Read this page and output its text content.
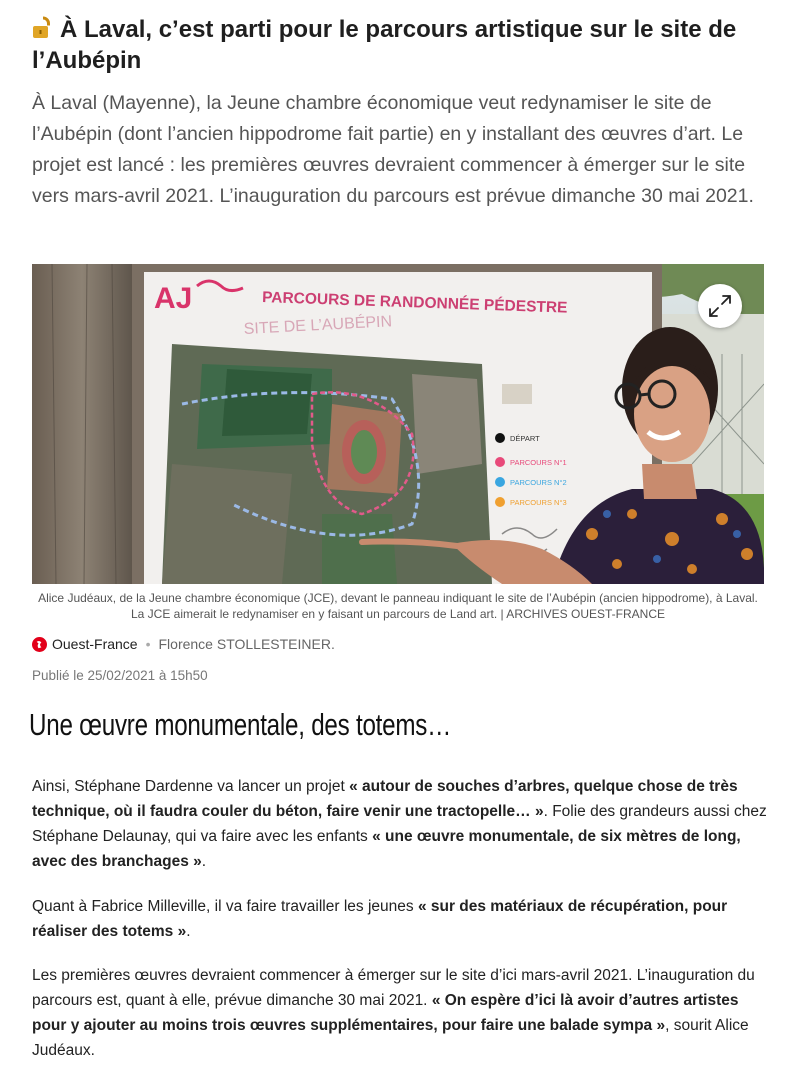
À Laval, c’est parti pour le parcours artistique sur le site de l’Aubépin

À Laval (Mayenne), la Jeune chambre économique veut redynamiser le site de l’Aubépin (dont l’ancien hippodrome fait partie) en y installant des œuvres d’art. Le projet est lancé : les premières œuvres devraient commencer à émerger sur le site vers mars-avril 2021. L’inauguration du parcours est prévue dimanche 30 mai 2021.

AJ	PARCOURS DE RANDONNÉE PÉDESTRE
SITE DE L’AUBÉPIN
DÉPART
PARCOURS N°1
PARCOURS N°2
PARCOURS N°3

Alice Judéaux, de la Jeune chambre économique (JCE), devant le panneau indiquant le site de l’Aubépin (ancien hippodrome), à Laval. La JCE aimerait le redynamiser en y faisant un parcours de Land art. | ARCHIVES OUEST-FRANCE

Ouest-France • Florence STOLLESTEINER.
Publié le 25/02/2021 à 15h50
Une œuvre monumentale, des totems…

Ainsi, Stéphane Dardenne va lancer un projet « autour de souches d’arbres, quelque chose de très technique, où il faudra couler du béton, faire venir une tractopelle… ». Folie des grandeurs aussi chez Stéphane Delaunay, qui va faire avec les enfants « une œuvre monumentale, de six mètres de long, avec des branchages ».

Quant à Fabrice Milleville, il va faire travailler les jeunes « sur des matériaux de récupération, pour réaliser des totems ».

Les premières œuvres devraient commencer à émerger sur le site d’ici mars-avril 2021. L’inauguration du parcours est, quant à elle, prévue dimanche 30 mai 2021. « On espère d’ici là avoir d’autres artistes pour y ajouter au moins trois œuvres supplémentaires, pour faire une balade sympa », sourit Alice Judéaux.
